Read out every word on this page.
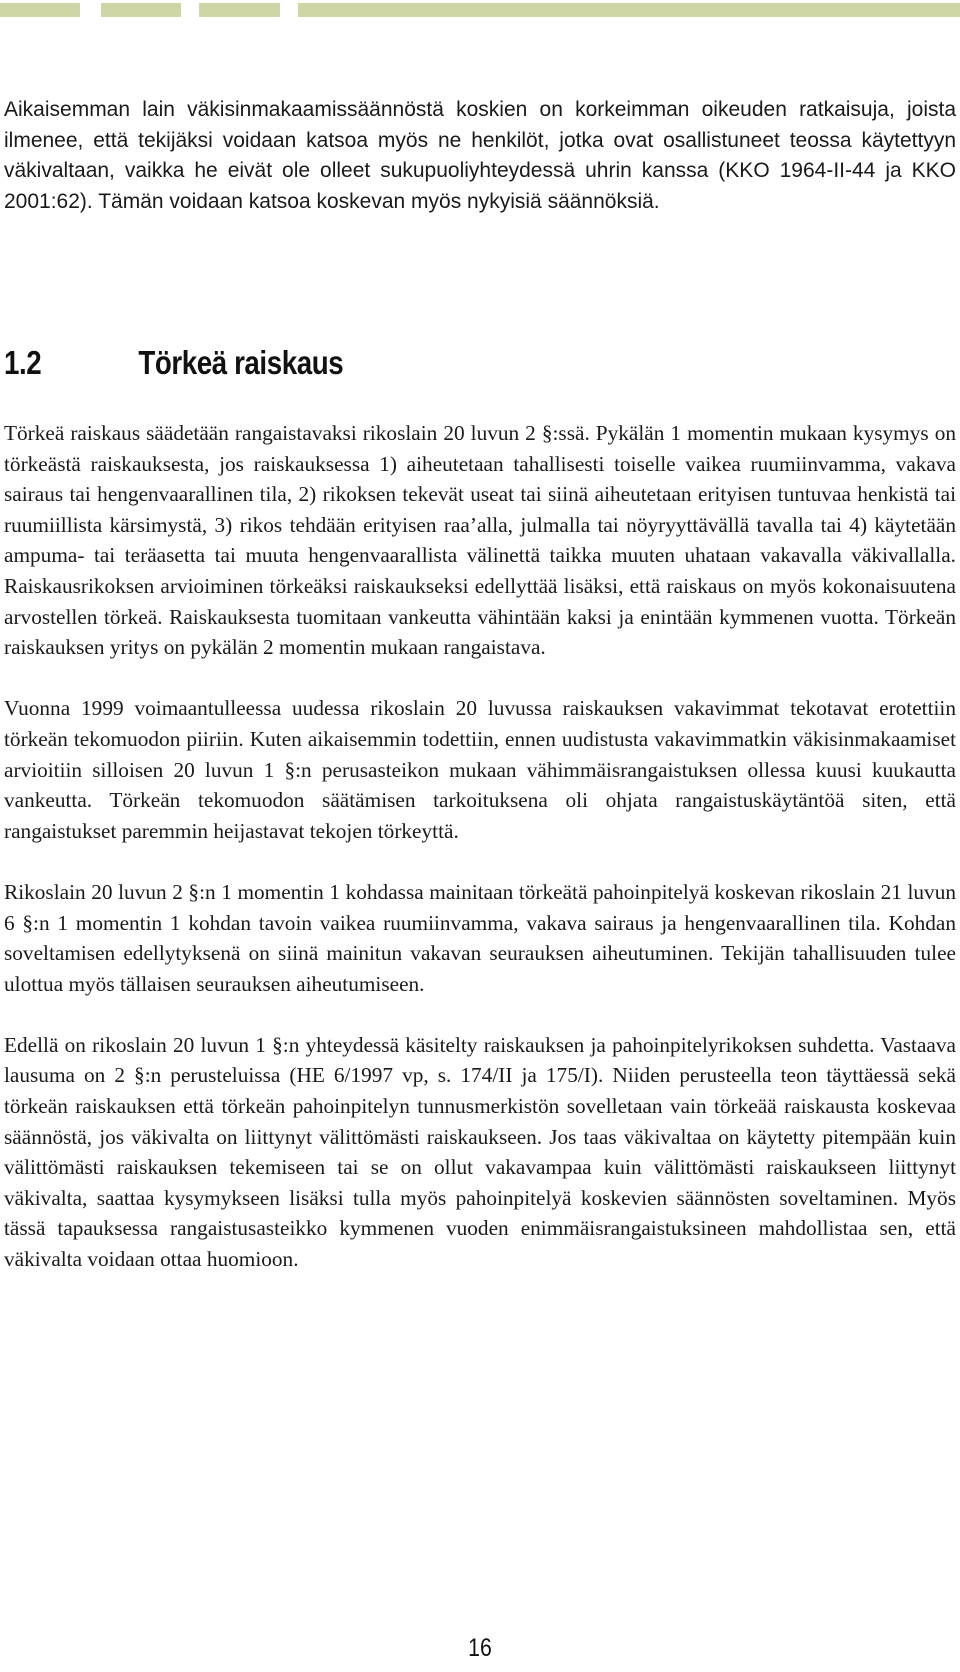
Aikaisemman lain väkisinmakaamissäännöstä koskien on korkeimman oikeuden ratkaisuja, joista ilmenee, että tekijäksi voidaan katsoa myös ne henkilöt, jotka ovat osallistuneet teossa käytettyyn väkivaltaan, vaikka he eivät ole olleet sukupuoliyhteydessä uhrin kanssa (KKO 1964-II-44 ja KKO 2001:62). Tämän voidaan katsoa koskevan myös nykyisiä säännöksiä.

1.2	Törkeä raiskaus

Törkeä raiskaus säädetään rangaistavaksi rikoslain 20 luvun 2 §:ssä. Pykälän 1 momentin mukaan kysymys on törkeästä raiskauksesta, jos raiskauksessa 1) aiheutetaan tahallisesti toiselle vaikea ruumiinvamma, vakava sairaus tai hengenvaarallinen tila, 2) rikoksen tekevät useat tai siinä aiheutetaan erityisen tuntuvaa henkistä tai ruumiillista kärsimystä, 3) rikos tehdään erityisen raa’alla, julmalla tai nöyryyttävällä tavalla tai 4) käytetään ampuma- tai teräasetta tai muuta hengenvaarallista välinettä taikka muuten uhataan vakavalla väkivallalla. Raiskausrikoksen arvioiminen törkeäksi raiskaukseksi edellyttää lisäksi, että raiskaus on myös kokonaisuutena arvostellen törkeä. Raiskauksesta tuomitaan vankeutta vähintään kaksi ja enintään kymmenen vuotta. Törkeän raiskauksen yritys on pykälän 2 momentin mukaan rangaistava.

Vuonna 1999 voimaantulleessa uudessa rikoslain 20 luvussa raiskauksen vakavimmat tekotavat erotettiin törkeän tekomuodon piiriin. Kuten aikaisemmin todettiin, ennen uudistusta vakavimmatkin väkisinmakaamiset arvioitiin silloisen 20 luvun 1 §:n perusasteikon mukaan vähimmäisrangaistuksen ollessa kuusi kuukautta vankeutta. Törkeän tekomuodon säätämisen tarkoituksena oli ohjata rangaistuskäytäntöä siten, että rangaistukset paremmin heijastavat tekojen törkeyttä.

Rikoslain 20 luvun 2 §:n 1 momentin 1 kohdassa mainitaan törkeätä pahoinpitelyä koskevan rikoslain 21 luvun 6 §:n 1 momentin 1 kohdan tavoin vaikea ruumiinvamma, vakava sairaus ja hengenvaarallinen tila. Kohdan soveltamisen edellytyksenä on siinä mainitun vakavan seurauksen aiheutuminen. Tekijän tahallisuuden tulee ulottua myös tällaisen seurauksen aiheutumiseen.

Edellä on rikoslain 20 luvun 1 §:n yhteydessä käsitelty raiskauksen ja pahoinpitelyrikoksen suhdetta. Vastaava lausuma on 2 §:n perusteluissa (HE 6/1997 vp, s. 174/II ja 175/I). Niiden perusteella teon täyttäessä sekä törkeän raiskauksen että törkeän pahoinpitelyn tunnusmerkistön sovelletaan vain törkeää raiskausta koskevaa säännöstä, jos väkivalta on liittynyt välittömästi raiskaukseen. Jos taas väkivaltaa on käytetty pitempään kuin välittömästi raiskauksen tekemiseen tai se on ollut vakavampaa kuin välittömästi raiskaukseen liittynyt väkivalta, saattaa kysymykseen lisäksi tulla myös pahoinpitelyä koskevien säännösten soveltaminen. Myös tässä tapauksessa rangaistusasteikko kymmenen vuoden enimmäisrangaistuksineen mahdollistaa sen, että väkivalta voidaan ottaa huomioon.

16
